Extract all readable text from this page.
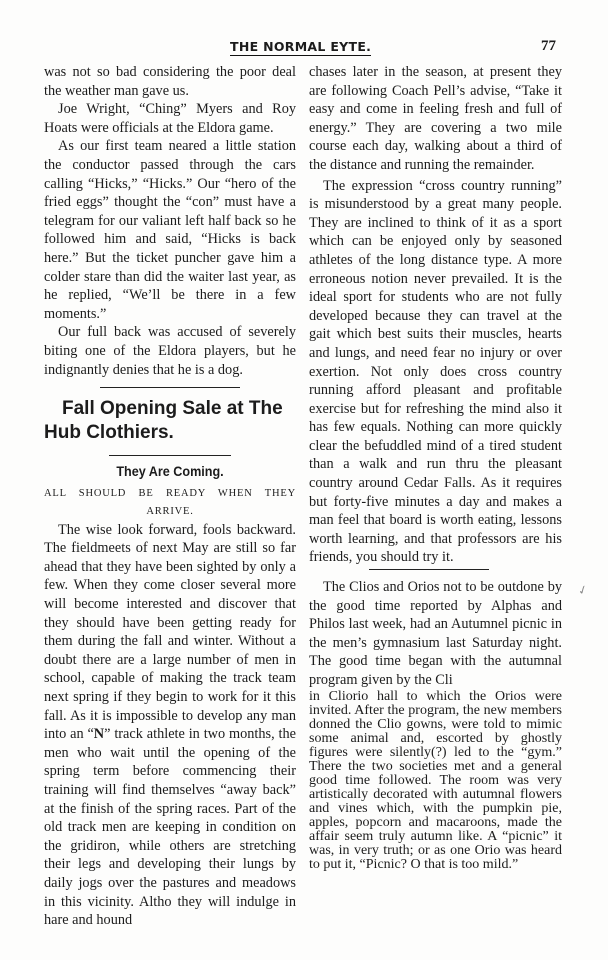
THE NORMAL EYTE.	77

was not so bad considering the poor deal the weather man gave us.

Joe Wright, “Ching” Myers and Roy Hoats were officials at the Eldora game.

As our first team neared a little station the conductor passed through the cars calling “Hicks,” “Hicks.” Our “hero of the fried eggs” thought the “con” must have a telegram for our valiant left half back so he followed him and said, “Hicks is back here.” But the ticket puncher gave him a colder stare than did the waiter last year, as he replied, “We’ll be there in a few moments.”

Our full back was accused of severely biting one of the Eldora players, but he indignantly denies that he is a dog.

Fall Opening Sale at The
Hub Clothiers.
They Are Coming.
ALL SHOULD BE READY WHEN THEY ARRIVE.

The wise look forward, fools backward. The fieldmeets of next May are still so far ahead that they have been sighted by only a few. When they come closer several more will become interested and discover that they should have been getting ready for them during the fall and winter. Without a doubt there are a large number of men in school, capable of making the track team next spring if they begin to work for it this fall. As it is impossible to develop any man into an “N” track athlete in two months, the men who wait until the opening of the spring term before commencing their training will find themselves “away back” at the finish of the spring races. Part of the old track men are keeping in condition on the gridiron, while others are stretching their legs and developing their lungs by daily jogs over the pastures and meadows in this vicinity. Altho they will indulge in hare and hound

chases later in the season, at present they are following Coach Pell’s advise, “Take it easy and come in feeling fresh and full of energy.” They are covering a two mile course each day, walking about a third of the distance and running the remainder.

The expression “cross country running” is misunderstood by a great many people. They are inclined to think of it as a sport which can be enjoyed only by seasoned athletes of the long distance type. A more erroneous notion never prevailed. It is the ideal sport for students who are not fully developed because they can travel at the gait which best suits their muscles, hearts and lungs, and need fear no injury or over exertion. Not only does cross country running afford pleasant and profitable exercise but for refreshing the mind also it has few equals. Nothing can more quickly clear the befuddled mind of a tired student than a walk and run thru the pleasant country around Cedar Falls. As it requires but forty-five minutes a day and makes a man feel that board is worth eating, lessons worth learning, and that professors are his friends, you should try it.

The Clios and Orios not to be outdone by the good time reported by Alphas and Philos last week, had an Autumnel picnic in the men’s gymnasium last Saturday night. The good time began with the autumnal program given by the Cli

in Cliorio hall to which the Orios were invited. After the program, the new members donned the Clio gowns, were told to mimic some animal and, escorted by ghostly figures were silently(?) led to the “gym.” There the two societies met and a general good time followed. The room was very artistically decorated with autumnal flowers and vines which, with the pumpkin pie, apples, popcorn and macaroons, made the affair seem truly autumn like. A “picnic” it was, in very truth; or as one Orio was heard to put it, “Picnic? O that is too mild.”

✓
